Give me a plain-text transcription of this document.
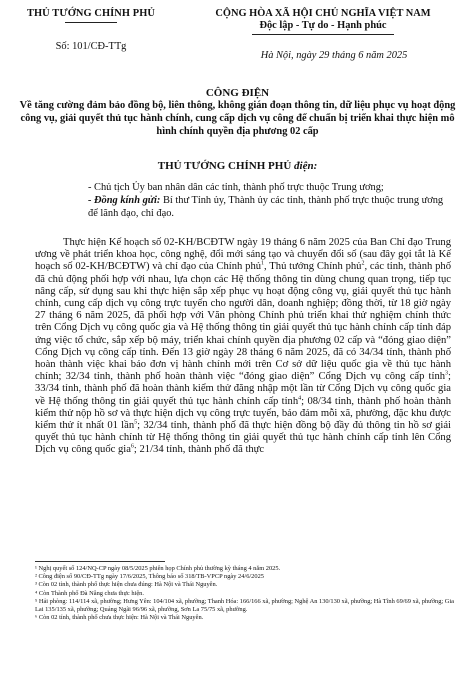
THỦ TƯỚNG CHÍNH PHỦ
Số: 101/CĐ-TTg
CỘNG HÒA XÃ HỘI CHỦ NGHĨA VIỆT NAM
Độc lập - Tự do - Hạnh phúc
Hà Nội, ngày 29 tháng 6 năm 2025
CÔNG ĐIỆN
Về tăng cường đảm bảo đồng bộ, liên thông, không gián đoạn thông tin, dữ liệu phục vụ hoạt động công vụ, giải quyết thủ tục hành chính, cung cấp dịch vụ công để chuẩn bị triển khai thực hiện mô hình chính quyền địa phương 02 cấp
THỦ TƯỚNG CHÍNH PHỦ điện:

- Chủ tịch Ủy ban nhân dân các tỉnh, thành phố trực thuộc Trung ương;

- Đồng kính gửi: Bí thư Tỉnh ủy, Thành ủy các tỉnh, thành phố trực thuộc trung ương để lãnh đạo, chỉ đạo.

Thực hiện Kế hoạch số 02-KH/BCĐTW ngày 19 tháng 6 năm 2025 của Ban Chỉ đạo Trung ương về phát triển khoa học, công nghệ, đổi mới sáng tạo và chuyển đổi số (sau đây gọi tắt là Kế hoạch số 02-KH/BCĐTW) và chỉ đạo của Chính phủ$^1$, Thủ tướng Chính phủ$^2$, các tỉnh, thành phố đã chủ động phối hợp với nhau, lựa chọn các Hệ thống thông tin dùng chung quan trọng, tiếp tục nâng cấp, sử dụng sau khi thực hiện sắp xếp phục vụ hoạt động công vụ, giải quyết thủ tục hành chính, cung cấp dịch vụ công trực tuyến cho người dân, doanh nghiệp; đồng thời, từ 18 giờ ngày 27 tháng 6 năm 2025, đã phối hợp với Văn phòng Chính phủ triển khai thử nghiệm chính thức trên Cổng Dịch vụ công quốc gia và Hệ thống thông tin giải quyết thủ tục hành chính cấp tỉnh đáp ứng việc tổ chức, sắp xếp bộ máy, triển khai chính quyền địa phương 02 cấp và “đóng giao diện” Cổng Dịch vụ công cấp tỉnh. Đến 13 giờ ngày 28 tháng 6 năm 2025, đã có 34/34 tỉnh, thành phố hoàn thành việc khai báo đơn vị hành chính mới trên Cơ sở dữ liệu quốc gia về thủ tục hành chính; 32/34 tỉnh, thành phố hoàn thành việc “đóng giao diện” Cổng Dịch vụ công cấp tỉnh$^3$; 33/34 tỉnh, thành phố đã hoàn thành kiểm thử đăng nhập một lần từ Cổng Dịch vụ công quốc gia về Hệ thống thông tin giải quyết thủ tục hành chính cấp tỉnh$^4$; 08/34 tỉnh, thành phố hoàn thành kiểm thử nộp hồ sơ và thực hiện dịch vụ công trực tuyến, bảo đảm mỗi xã, phường, đặc khu được kiểm thử ít nhất 01 lần$^5$; 32/34 tỉnh, thành phố đã thực hiện đồng bộ đầy đủ thông tin hồ sơ giải quyết thủ tục hành chính từ Hệ thống thông tin giải quyết thủ tục hành chính cấp tỉnh lên Cổng Dịch vụ công quốc gia$^6$; 21/34 tỉnh, thành phố đã thực

¹ Nghị quyết số 124/NQ-CP ngày 08/5/2025 phiên họp Chính phủ thường kỳ tháng 4 năm 2025.
² Công điện số 90/CĐ-TTg ngày 17/6/2025, Thông báo số 318/TB-VPCP ngày 24/6/2025
³ Còn 02 tỉnh, thành phố thực hiện chưa đúng: Hà Nội và Thái Nguyên.
⁴ Còn Thành phố Đà Nẵng chưa thực hiện.
⁵ Hải phòng: 114/114 xã, phường; Hưng Yên: 104/104 xã, phường; Thanh Hóa: 166/166 xã, phường; Nghệ An 130/130 xã, phường; Hà Tĩnh 69/69 xã, phường; Gia Lai 135/135 xã, phường; Quảng Ngãi 96/96 xã, phường, Sơn La 75/75 xã, phường.
⁶ Còn 02 tỉnh, thành phố chưa thực hiện: Hà Nội và Thái Nguyên.
